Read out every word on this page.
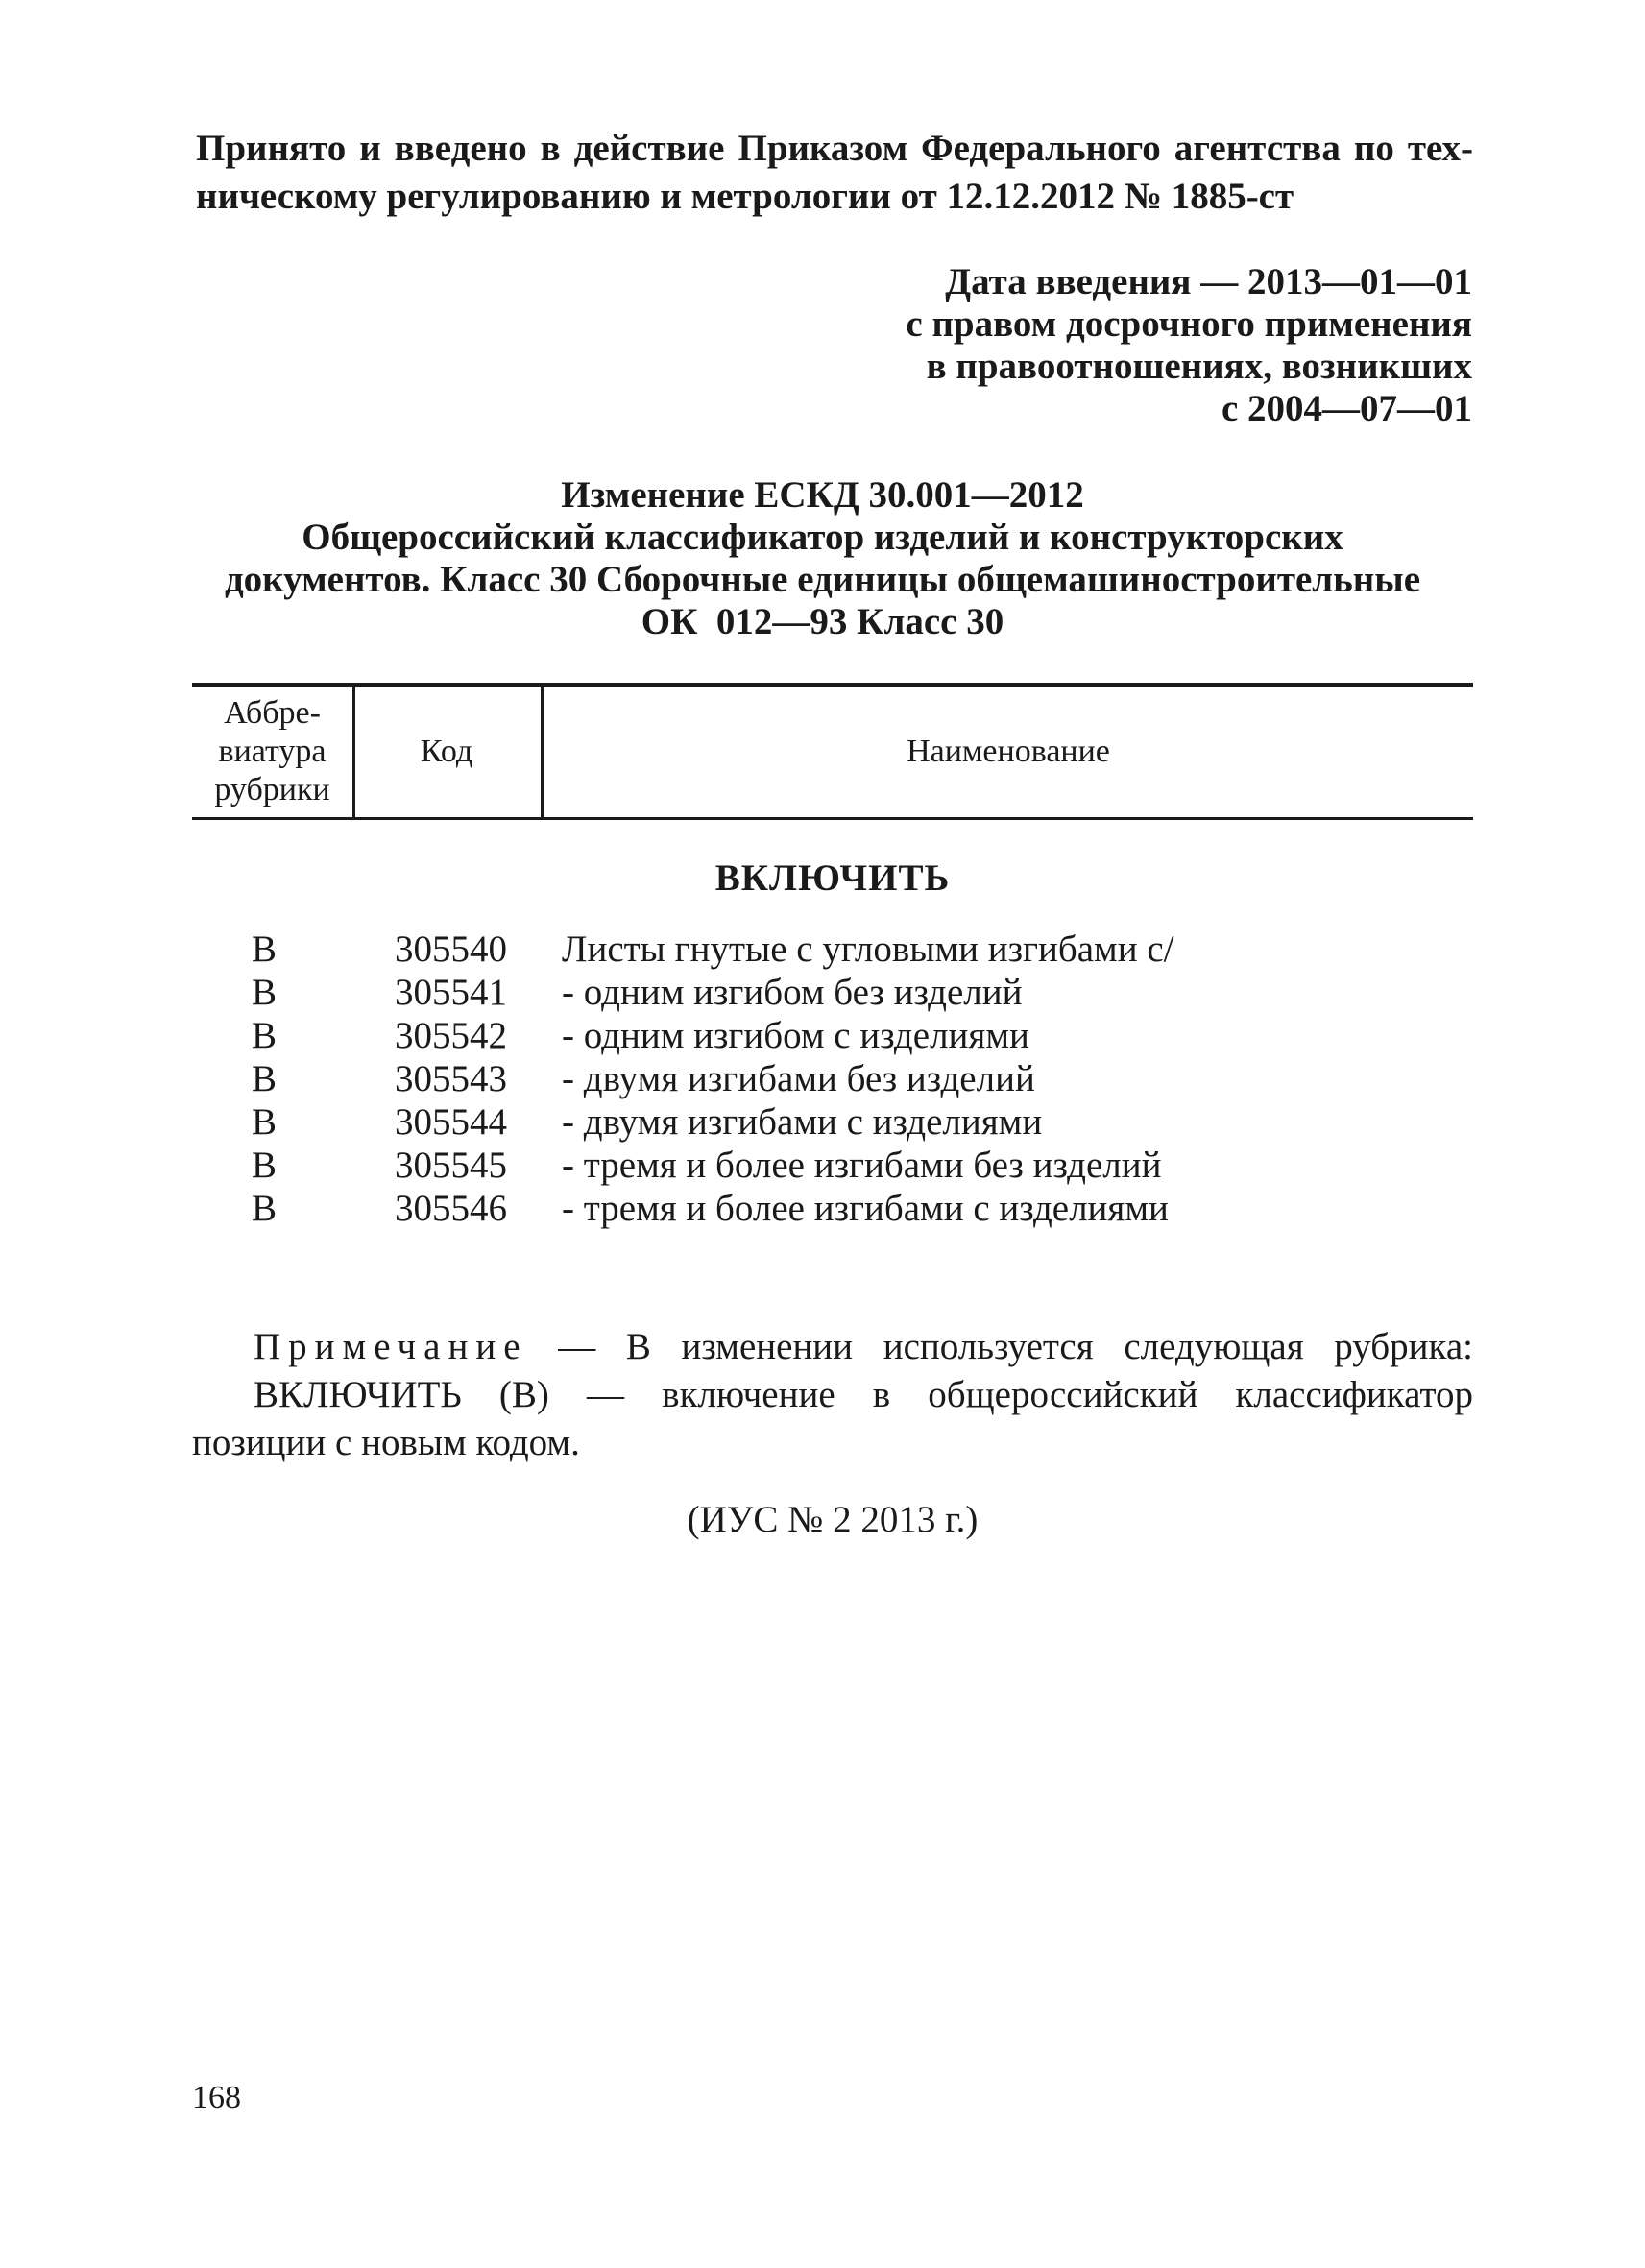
Принято и введено в действие Приказом Федерального агентства по тех-
ническому регулированию и метрологии от 12.12.2012 № 1885-ст
Дата введения — 2013—01—01
с правом досрочного применения
в правоотношениях, возникших
с 2004—07—01
Изменение ЕСКД 30.001—2012
Общероссийский классификатор изделий и конструкторских
документов. Класс 30 Сборочные единицы общемашиностроительные
ОК  012—93 Класс 30
Аббре-
виатура
рубрики
Код	Наименование
ВКЛЮЧИТЬ
В	305540 Листы гнутые с угловыми изгибами с/
В	305541 - одним изгибом без изделий
В	305542 - одним изгибом с изделиями
В	305543 - двумя изгибами без изделий
В	305544 - двумя изгибами с изделиями
В	305545 - тремя и более изгибами без изделий
В	305546 - тремя и более изгибами с изделиями
Примечание — В изменении используется следующая рубрика:
ВКЛЮЧИТЬ (В) — включение в общероссийский классификатор
позиции с новым кодом.
(ИУС № 2 2013 г.)
168
